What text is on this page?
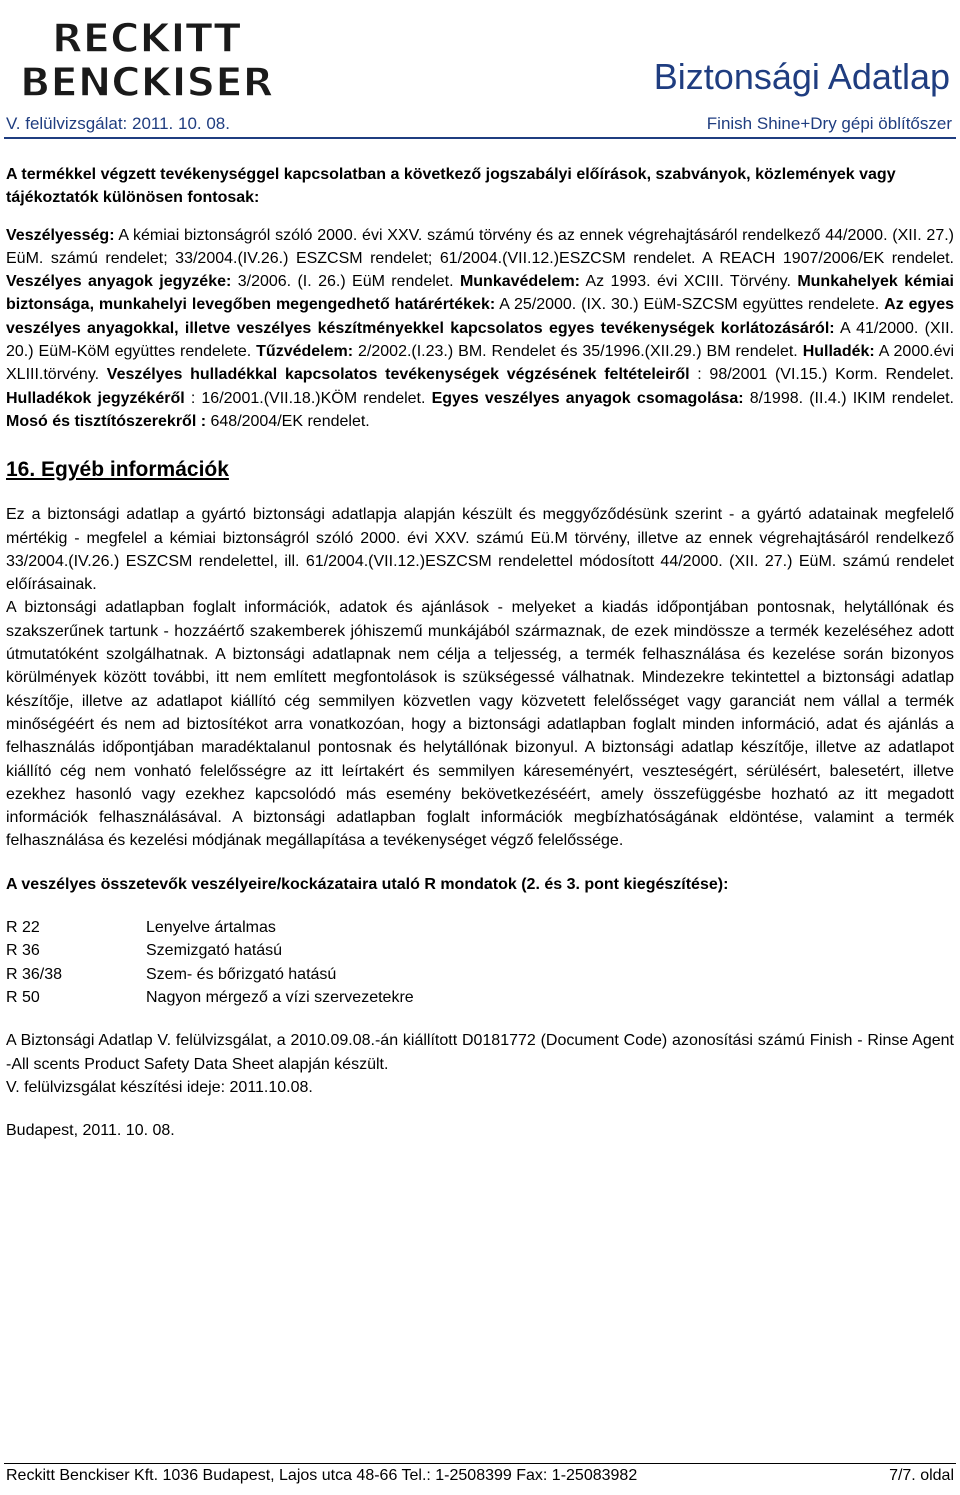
RECKITT
BENCKISER	Biztonsági Adatlap
V. felülvizsgálat: 2011. 10. 08.	Finish Shine+Dry gépi öblítőszer

A termékkel végzett tevékenységgel kapcsolatban a következő jogszabályi előírások, szabványok, közlemények vagy tájékoztatók különösen fontosak:

Veszélyesség: A kémiai biztonságról szóló 2000. évi XXV. számú törvény és az ennek végrehajtásáról rendelkező 44/2000. (XII. 27.) EüM. számú rendelet; 33/2004.(IV.26.) ESZCSM rendelet; 61/2004.(VII.12.)ESZCSM rendelet. A REACH 1907/2006/EK rendelet. Veszélyes anyagok jegyzéke: 3/2006. (I. 26.) EüM rendelet. Munkavédelem: Az 1993. évi XCIII. Törvény. Munkahelyek kémiai biztonsága, munkahelyi levegőben megengedhető határértékek: A 25/2000. (IX. 30.) EüM-SZCSM együttes rendelete. Az egyes veszélyes anyagokkal, illetve veszélyes készítményekkel kapcsolatos egyes tevékenységek korlátozásáról: A 41/2000. (XII. 20.) EüM-KöM együttes rendelete. Tűzvédelem: 2/2002.(I.23.) BM. Rendelet és 35/1996.(XII.29.) BM rendelet. Hulladék: A 2000.évi XLIII.törvény. Veszélyes hulladékkal kapcsolatos tevékenységek végzésének feltételeiről : 98/2001 (VI.15.) Korm. Rendelet. Hulladékok jegyzékéről : 16/2001.(VII.18.)KÖM rendelet. Egyes veszélyes anyagok csomagolása: 8/1998. (II.4.) IKIM rendelet. Mosó és tisztítószerekről : 648/2004/EK rendelet.

16. Egyéb információk

Ez a biztonsági adatlap a gyártó biztonsági adatlapja alapján készült és meggyőződésünk szerint - a gyártó adatainak megfelelő mértékig - megfelel a kémiai biztonságról szóló 2000. évi XXV. számú Eü.M törvény, illetve az ennek végrehajtásáról rendelkező 33/2004.(IV.26.) ESZCSM rendelettel, ill. 61/2004.(VII.12.)ESZCSM rendelettel módosított 44/2000. (XII. 27.) EüM. számú rendelet előírásainak.

A biztonsági adatlapban foglalt információk, adatok és ajánlások - melyeket a kiadás időpontjában pontosnak, helytállónak és szakszerűnek tartunk - hozzáértő szakemberek jóhiszemű munkájából származnak, de ezek mindössze a termék kezeléséhez adott útmutatóként szolgálhatnak. A biztonsági adatlapnak nem célja a teljesség, a termék felhasználása és kezelése során bizonyos körülmények között további, itt nem említett megfontolások is szükségessé válhatnak. Mindezekre tekintettel a biztonsági adatlap készítője, illetve az adatlapot kiállító cég semmilyen közvetlen vagy közvetett felelősséget vagy garanciát nem vállal a termék minőségéért és nem ad biztosítékot arra vonatkozóan, hogy a biztonsági adatlapban foglalt minden információ, adat és ajánlás a felhasználás időpontjában maradéktalanul pontosnak és helytállónak bizonyul. A biztonsági adatlap készítője, illetve az adatlapot kiállító cég nem vonható felelősségre az itt leírtakért és semmilyen káreseményért, veszteségért, sérülésért, balesetért, illetve ezekhez hasonló vagy ezekhez kapcsolódó más esemény bekövetkezéséért, amely összefüggésbe hozható az itt megadott információk felhasználásával. A biztonsági adatlapban foglalt információk megbízhatóságának eldöntése, valamint a termék felhasználása és kezelési módjának megállapítása a tevékenységet végző felelőssége.

A veszélyes összetevők veszélyeire/kockázataira utaló R mondatok (2. és 3. pont kiegészítése):

R 22	Lenyelve ártalmas
R 36	Szemizgató hatású
R 36/38	Szem- és bőrizgató hatású
R 50	Nagyon mérgező a vízi szervezetekre

A Biztonsági Adatlap V. felülvizsgálat, a 2010.09.08.-án kiállított D0181772 (Document Code) azonosítási számú Finish - Rinse Agent -All scents Product Safety Data Sheet alapján készült.

V. felülvizsgálat készítési ideje: 2011.10.08.

Budapest, 2011. 10. 08.

Reckitt Benckiser Kft. 1036 Budapest, Lajos utca 48-66 Tel.: 1-2508399 Fax: 1-25083982	7/7. oldal
